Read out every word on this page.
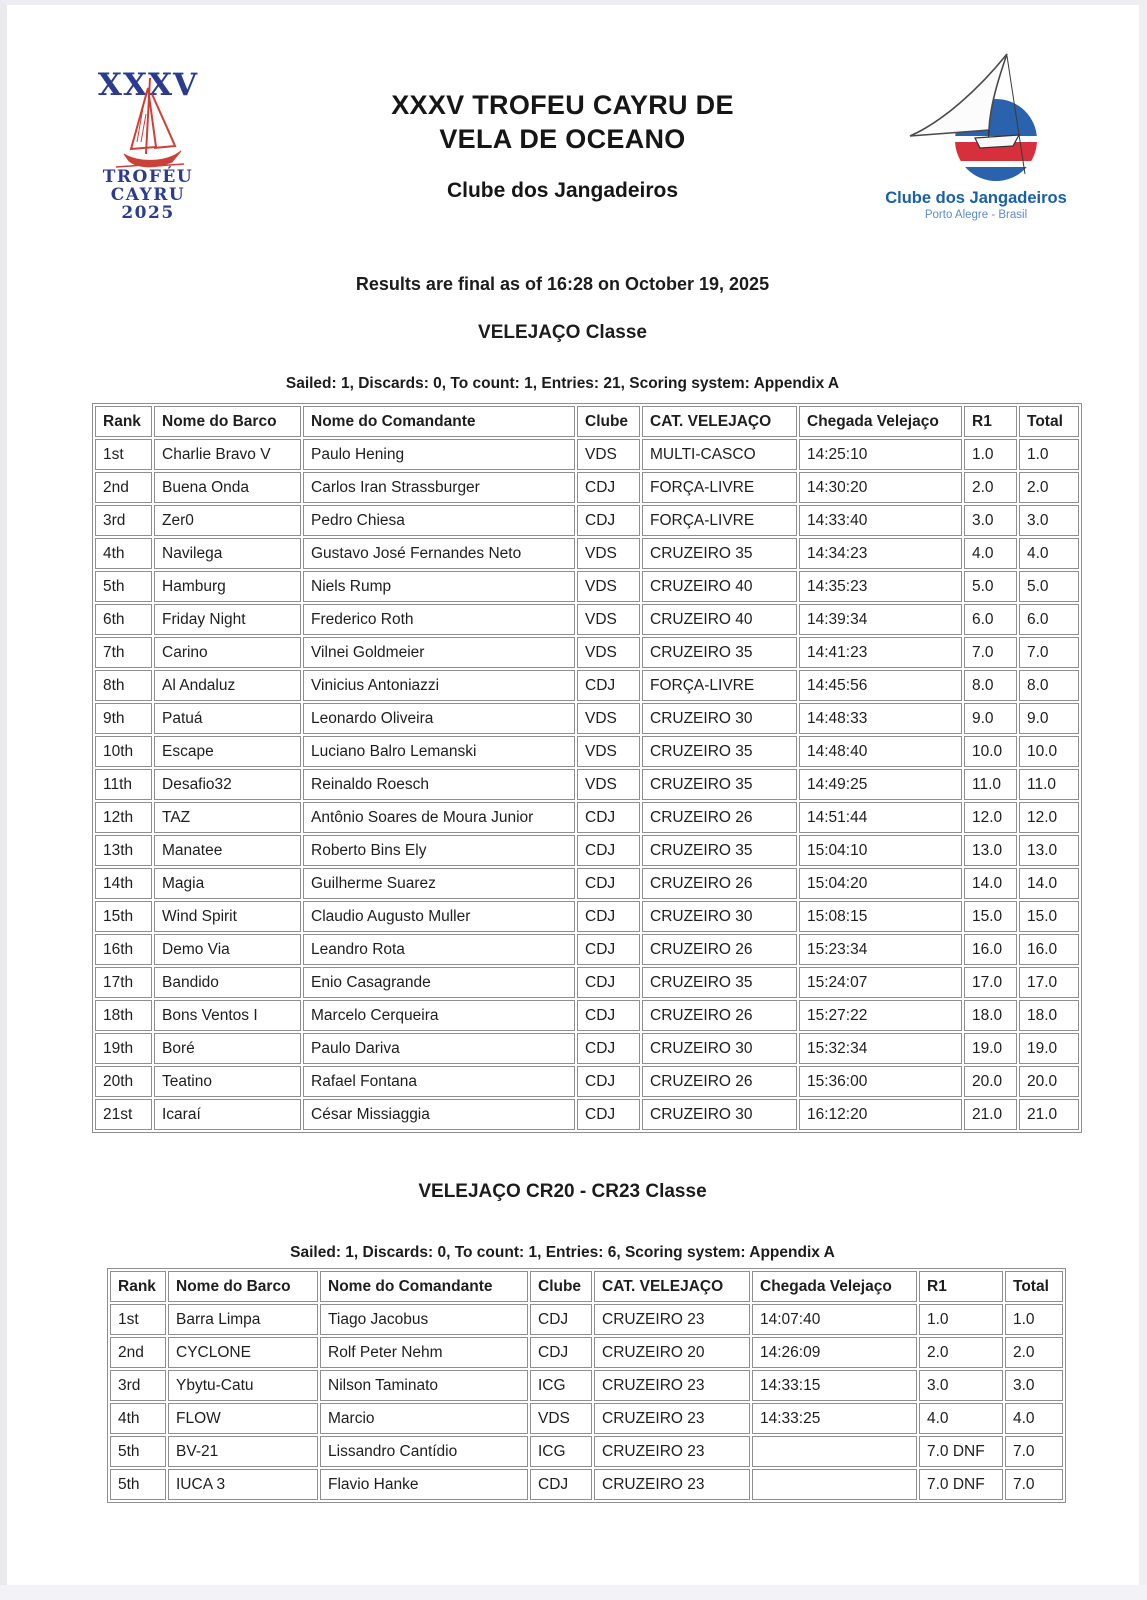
XXXV
TROFÉU
CAYRU
2025
XXXV TROFEU CAYRU DE
VELA DE OCEANO
Clube dos Jangadeiros	Clube dos Jangadeiros
Porto Alegre - Brasil
Results are final as of 16:28 on October 19, 2025
VELEJAÇO Classe
Sailed: 1, Discards: 0, To count: 1, Entries: 21, Scoring system: Appendix A
Rank	Nome do Barco	Nome do Comandante	Clube	CAT. VELEJAÇO	Chegada Velejaço	R1	Total
1st	Charlie Bravo V	Paulo Hening	VDS	MULTI-CASCO	14:25:10	1.0	1.0
2nd	Buena Onda	Carlos Iran Strassburger	CDJ	FORÇA-LIVRE	14:30:20	2.0	2.0
3rd	Zer0	Pedro Chiesa	CDJ	FORÇA-LIVRE	14:33:40	3.0	3.0
4th	Navilega	Gustavo José Fernandes Neto	VDS	CRUZEIRO 35	14:34:23	4.0	4.0
5th	Hamburg	Niels Rump	VDS	CRUZEIRO 40	14:35:23	5.0	5.0
6th	Friday Night	Frederico Roth	VDS	CRUZEIRO 40	14:39:34	6.0	6.0
7th	Carino	Vilnei Goldmeier	VDS	CRUZEIRO 35	14:41:23	7.0	7.0
8th	Al Andaluz	Vinicius Antoniazzi	CDJ	FORÇA-LIVRE	14:45:56	8.0	8.0
9th	Patuá	Leonardo Oliveira	VDS	CRUZEIRO 30	14:48:33	9.0	9.0
10th	Escape	Luciano Balro Lemanski	VDS	CRUZEIRO 35	14:48:40	10.0	10.0
11th	Desafio32	Reinaldo Roesch	VDS	CRUZEIRO 35	14:49:25	11.0	11.0
12th	TAZ	Antônio Soares de Moura Junior	CDJ	CRUZEIRO 26	14:51:44	12.0	12.0
13th	Manatee	Roberto Bins Ely	CDJ	CRUZEIRO 35	15:04:10	13.0	13.0
14th	Magia	Guilherme Suarez	CDJ	CRUZEIRO 26	15:04:20	14.0	14.0
15th	Wind Spirit	Claudio Augusto Muller	CDJ	CRUZEIRO 30	15:08:15	15.0	15.0
16th	Demo Via	Leandro Rota	CDJ	CRUZEIRO 26	15:23:34	16.0	16.0
17th	Bandido	Enio Casagrande	CDJ	CRUZEIRO 35	15:24:07	17.0	17.0
18th	Bons Ventos I	Marcelo Cerqueira	CDJ	CRUZEIRO 26	15:27:22	18.0	18.0
19th	Boré	Paulo Dariva	CDJ	CRUZEIRO 30	15:32:34	19.0	19.0
20th	Teatino	Rafael Fontana	CDJ	CRUZEIRO 26	15:36:00	20.0	20.0
21st	Icaraí	César Missiaggia	CDJ	CRUZEIRO 30	16:12:20	21.0	21.0
VELEJAÇO CR20 - CR23 Classe
Sailed: 1, Discards: 0, To count: 1, Entries: 6, Scoring system: Appendix A
Rank	Nome do Barco	Nome do Comandante	Clube	CAT. VELEJAÇO	Chegada Velejaço	R1	Total
1st	Barra Limpa	Tiago Jacobus	CDJ	CRUZEIRO 23	14:07:40	1.0	1.0
2nd	CYCLONE	Rolf Peter Nehm	CDJ	CRUZEIRO 20	14:26:09	2.0	2.0
3rd	Ybytu-Catu	Nilson Taminato	ICG	CRUZEIRO 23	14:33:15	3.0	3.0
4th	FLOW	Marcio	VDS	CRUZEIRO 23	14:33:25	4.0	4.0
5th	BV-21	Lissandro Cantídio	ICG	CRUZEIRO 23		7.0 DNF	7.0
5th	IUCA 3	Flavio Hanke	CDJ	CRUZEIRO 23		7.0 DNF	7.0
